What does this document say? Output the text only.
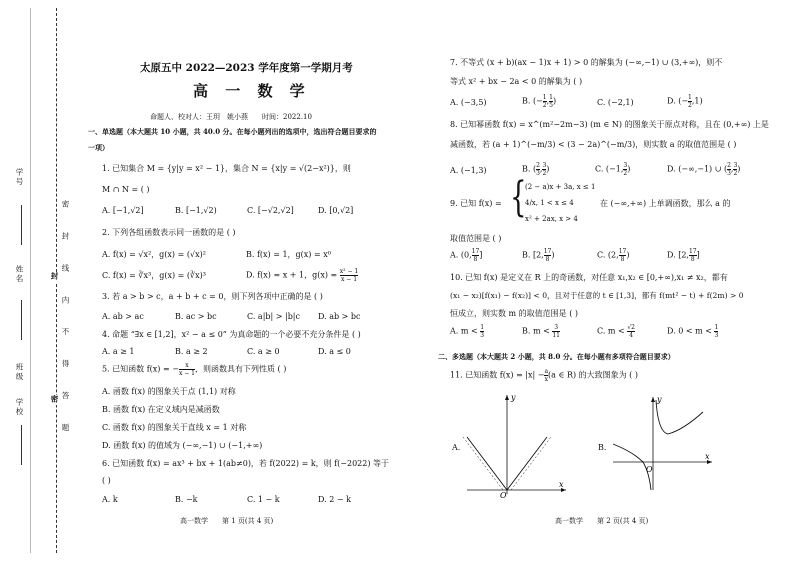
学号
姓名
班级
学校	密 封 线 内 不 得 答 题
封
密
太原五中 2022—2023 学年度第一学期月考
高 一 数 学
命题人、校对人：王玥　姚小燕　　时间：2022.10
一、单选题（本大题共 10 小题，共 40.0 分。在每小题列出的选项中，选出符合题目要求的
一项）
1. 已知集合 M = {y|y = x² − 1}，集合 N = {x|y = √(2−x²)}，则
M ∩ N = ( )
A. [−1,√2]	B. [−1,√2)	C. [−√2,√2]	D. [0,√2]
2. 下列各组函数表示同一函数的是 ( )
A. f(x) = √x²，g(x) = (√x)²	B. f(x) = 1，g(x) = x⁰
C. f(x) = ∛x³，g(x) = (∛x)³	D. f(x) = x + 1，$g(x) = \frac{\text{x² − 1}}{x - 1}$
3. 若 a > b > c，a + b + c = 0，则下列各项中正确的是 ( )
A. ab > ac	B. ac > bc	C. a|b| > |b|c D. ab > bc
4. 命题 “∃x ∈ [1,2]，x² − a ≤ 0” 为真命题的一个必要不充分条件是 ( )
A. a ≥ 1	B. a ≥ 2	C. a ≥ 0	D. a ≤ 0
5. 已知函数 f(x) = − $\frac{x}{x - 1}$ ，则函数具有下列性质 ( )
A. 函数 f(x) 的图象关于点 (1,1) 对称
B. 函数 f(x) 在定义域内是减函数
C. 函数 f(x) 的图象关于直线 x = 1 对称
D. 函数 f(x) 的值域为 (−∞,−1) ∪ (−1,+∞)
6. 已知函数 f(x) = ax³ + bx + 1(ab≠0)，若 f(2022) = k，则 f(−2022) 等于
( )
A. k	B. −k	C. 1 − k	D. 2 − k
高一数学　　第 1 页(共 4 页)
7. 不等式 (x + b)(ax − 1)x + 1) > 0 的解集为 (−∞,−1) ∪ (3,+∞)，则不
等式 x² + bx − 2a < 0 的解集为 ( )
A. (−3,5)	B. (− $\frac{1}{2}$ , $\frac{1}{5}$ )	C. (−2,1)	D. (− $\frac{1}{2} ,1$)
8. 已知幂函数 f(x) = x^(m²−2m−3) (m ∈ N) 的图象关于原点对称，且在 (0,+∞) 上是
减函数，若 (a + 1)^(−m/3) < (3 − 2a)^(−m/3)，则实数 a 的取值范围是 ( )
A. (−1,3)	B. ( $\frac{2}{3}$ , $\frac{3}{2}$ )	C. (−1, $\frac{3}{2}$ )	D. (−∞,−1) ∪ ( $\frac{2}{3}$ , $\frac{3}{2}$ )
9. 已知 f(x) = {
(2 − a)x + 3a, x ≤ 1
4/x, 1 < x ≤ 4
x² + 2ax, x > 4
在 (−∞,+∞) 上单调函数，那么 a 的
取值范围是 ( )
A. (0, $\frac{17}{8}$ ]	B. [2, $\frac{17}{8}$ )	C. (2, $\frac{17}{8}$ )	D. [2, $\frac{17}{8}$ ]
10. 已知 f(x) 是定义在 R 上的奇函数，对任意 x₁,x₂ ∈ [0,+∞),x₁ ≠ x₂，都有
(x₁ − x₂)[f(x₁) − f(x₂)] < 0，且对于任意的 t ∈ [1,3]，都有 f(mt² − t) + f(2m) > 0
恒成立，则实数 m 的取值范围是 ( )
A. $m < \frac{1}{3}$	B. $m < \frac{3}{11}$	C. $m < \frac{√2}{4}$	D. $0 < m < \frac{1}{3}$
二、多选题（本大题共 2 小题，共 8.0 分。在每小题有多项符合题目要求）
11. 已知函数 $f(x) = |x| - \frac{a}{x} (a$ ∈ R) 的大致图象为 ( )
A.
x
y
O
B.
x
y
O
高一数学　　第 2 页(共 4 页)
